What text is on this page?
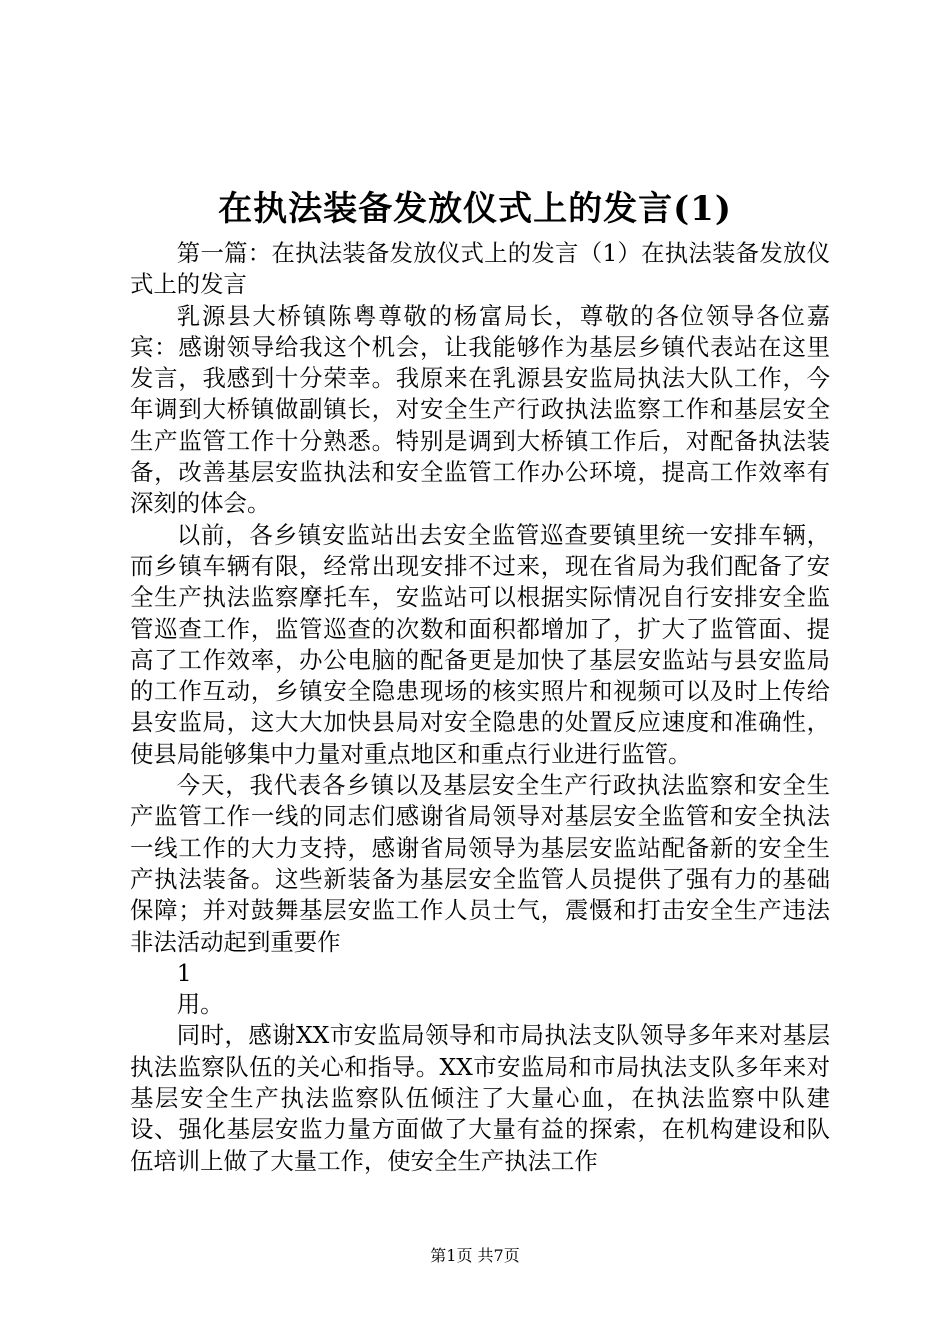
在执法装备发放仪式上的发言(1)

第一篇：在执法装备发放仪式上的发言（1）在执法装备发放仪式上的发言

乳源县大桥镇陈粤尊敬的杨富局长，尊敬的各位领导各位嘉宾：感谢领导给我这个机会，让我能够作为基层乡镇代表站在这里发言，我感到十分荣幸。我原来在乳源县安监局执法大队工作，今年调到大桥镇做副镇长，对安全生产行政执法监察工作和基层安全生产监管工作十分熟悉。特别是调到大桥镇工作后，对配备执法装备，改善基层安监执法和安全监管工作办公环境，提高工作效率有深刻的体会。

以前，各乡镇安监站出去安全监管巡查要镇里统一安排车辆，而乡镇车辆有限，经常出现安排不过来，现在省局为我们配备了安全生产执法监察摩托车，安监站可以根据实际情况自行安排安全监管巡查工作，监管巡查的次数和面积都增加了，扩大了监管面、提高了工作效率，办公电脑的配备更是加快了基层安监站与县安监局的工作互动，乡镇安全隐患现场的核实照片和视频可以及时上传给县安监局，这大大加快县局对安全隐患的处置反应速度和准确性，使县局能够集中力量对重点地区和重点行业进行监管。

今天，我代表各乡镇以及基层安全生产行政执法监察和安全生产监管工作一线的同志们感谢省局领导对基层安全监管和安全执法一线工作的大力支持，感谢省局领导为基层安监站配备新的安全生产执法装备。这些新装备为基层安全监管人员提供了强有力的基础保障；并对鼓舞基层安监工作人员士气，震慑和打击安全生产违法非法活动起到重要作

1

用。

同时，感谢XX市安监局领导和市局执法支队领导多年来对基层执法监察队伍的关心和指导。XX市安监局和市局执法支队多年来对基层安全生产执法监察队伍倾注了大量心血，在执法监察中队建设、强化基层安监力量方面做了大量有益的探索，在机构建设和队伍培训上做了大量工作，使安全生产执法工作

第1页 共7页
